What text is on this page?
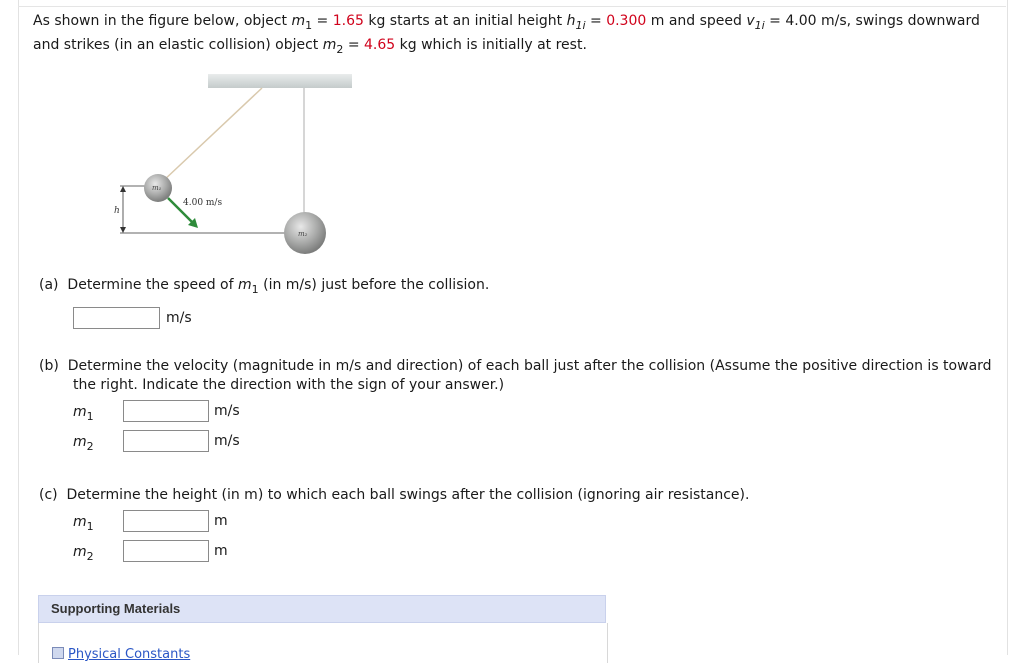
As shown in the figure below, object $m_1 = 1.65$ kg starts at an initial height $h_{1i} = 0.300$ m and speed $v_{1i} = 4.00$ m/s, swings downward
and strikes (in an elastic collision) object $m_2 = 4.65$ kg which is initially at rest.
h
4.00 m/s
m₁
m₂
(a) Determine the speed of $m_1$ (in m/s) just before the collision.
m/s
(b) Determine the velocity (magnitude in m/s and direction) of each ball just after the collision (Assume the positive direction is toward
the right. Indicate the direction with the sign of your answer.)
$m_1$	m/s
$m_2$	m/s
(c) Determine the height (in m) to which each ball swings after the collision (ignoring air resistance).
$m_1$	m
$m_2$	m
Supporting Materials
Physical Constants
